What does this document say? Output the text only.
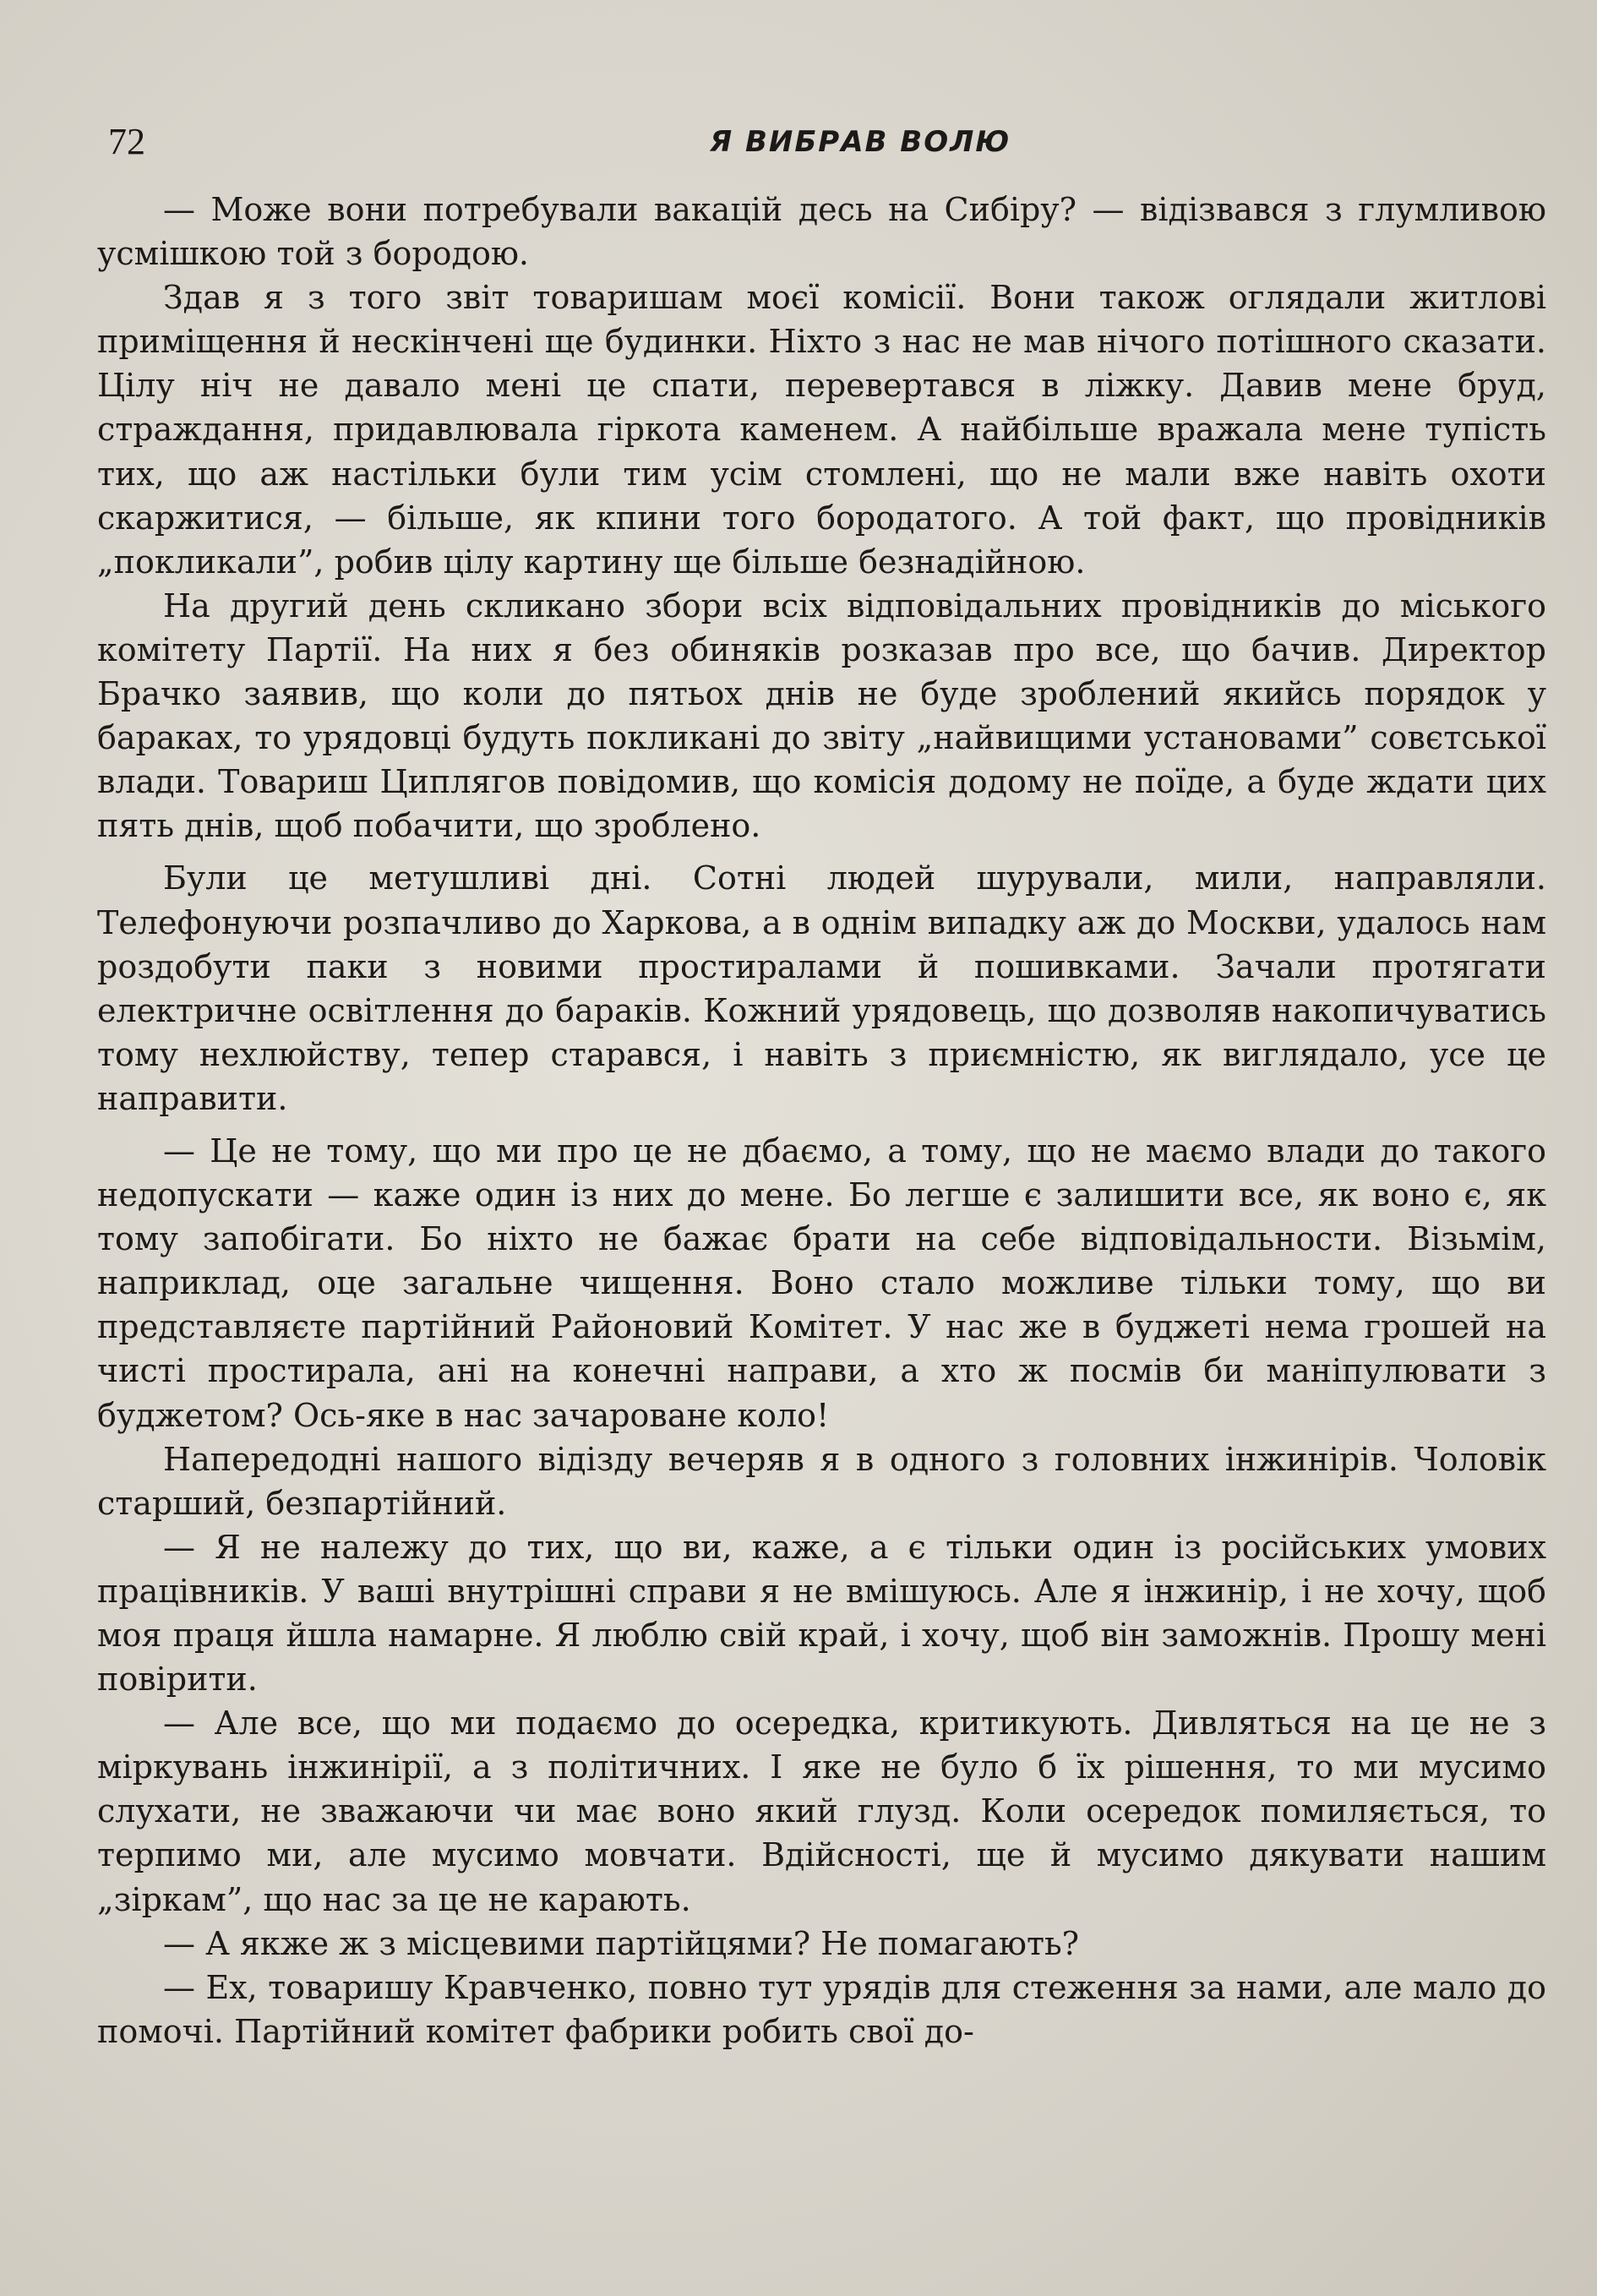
72	Я ВИБРАВ ВОЛЮ

— Може вони потребували вакацій десь на Сибіру? — відізвався з глумливою усмішкою той з бородою.

Здав я з того звіт товаришам моєї комісії. Вони також оглядали житлові приміщення й нескінчені ще будинки. Ніхто з нас не мав нічого потішного сказати. Цілу ніч не давало мені це спати, перевертався в ліжку. Давив мене бруд, страждання, придавлювала гіркота каменем. А найбільше вражала мене тупість тих, що аж настільки були тим усім стомлені, що не мали вже навіть охоти скаржитися, — більше, як кпини того бородатого. А той факт, що провідників „покликали”, робив цілу картину ще більше безнадійною.

На другий день скликано збори всіх відповідальних провідників до міського комітету Партії. На них я без обиняків розказав про все, що бачив. Директор Брачко заявив, що коли до пятьох днів не буде зроблений якийсь порядок у бараках, то урядовці будуть покликані до звіту „найвищими установами” совєтської влади. Товариш Циплягов повідомив, що комісія додому не поїде, а буде ждати цих пять днів, щоб побачити, що зроблено.

Були це метушливі дні. Сотні людей шурували, мили, направляли. Телефонуючи розпачливо до Харкова, а в однім випадку аж до Москви, удалось нам роздобути паки з новими простиралами й пошивками. Зачали протягати електричне освітлення до бараків. Кожний урядовець, що дозволяв накопичуватись тому нехлюйству, тепер старався, і навіть з приємністю, як виглядало, усе це направити.

— Це не тому, що ми про це не дбаємо, а тому, що не маємо влади до такого недопускати — каже один із них до мене. Бо легше є залишити все, як воно є, як тому запобігати. Бо ніхто не бажає брати на себе відповідальности. Візьмім, наприклад, оце загальне чищення. Воно стало можливе тільки тому, що ви представляєте партійний Районовий Комітет. У нас же в буджеті нема грошей на чисті простирала, ані на конечні направи, а хто ж посмів би маніпулювати з буджетом? Ось-яке в нас зачароване коло!

Напередодні нашого відізду вечеряв я в одного з головних інжинірів. Чоловік старший, безпартійний.

— Я не належу до тих, що ви, каже, а є тільки один із російських умових працівників. У ваші внутрішні справи я не вмішуюсь. Але я інжинір, і не хочу, щоб моя праця йшла намарне. Я люблю свій край, і хочу, щоб він заможнів. Прошу мені повірити.

— Але все, що ми подаємо до осередка, критикують. Дивляться на це не з міркувань інжинірії, а з політичних. І яке не було б їх рішення, то ми мусимо слухати, не зважаючи чи має воно який глузд. Коли осередок помиляється, то терпимо ми, але мусимо мовчати. Вдійсності, ще й мусимо дякувати нашим „зіркам”, що нас за це не карають.

— А якже ж з місцевими партійцями? Не помагають?

— Ех, товаришу Кравченко, повно тут урядів для стеження за нами, але мало до помочі. Партійний комітет фабрики робить свої до-
